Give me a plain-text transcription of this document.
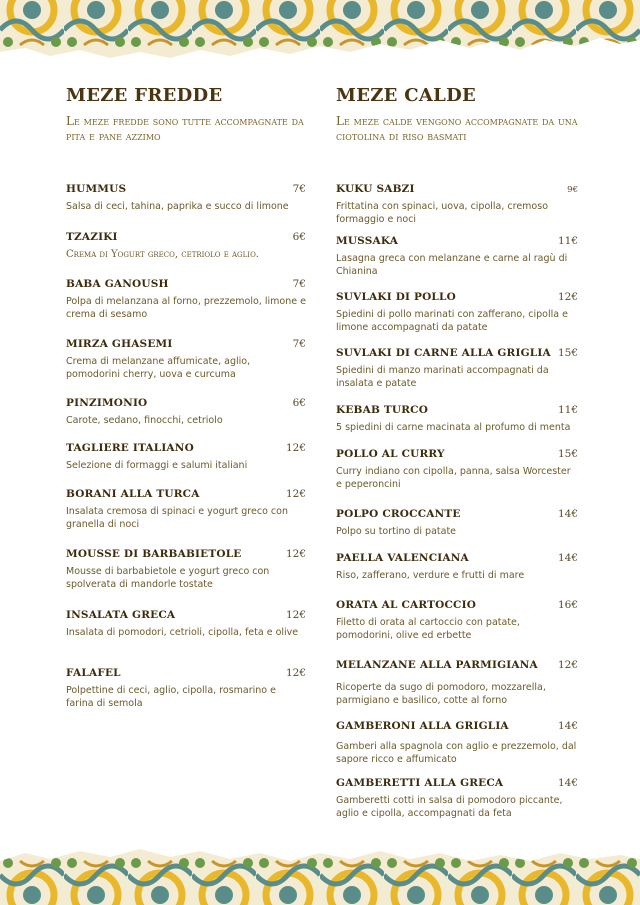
MEZE FREDDE
Le meze fredde sono tutte accompagnate da pita e pane azzimo
HUMMUS	7€
Salsa di ceci, tahina, paprika e succo di limone
TZAZIKI	6€
Crema di Yogurt greco, cetriolo e aglio.
BABA GANOUSH	7€
Polpa di melanzana al forno, prezzemolo, limone e crema di sesamo
MIRZA GHASEMI	7€
Crema di melanzane affumicate, aglio, pomodorini cherry, uova e curcuma
PINZIMONIO	6€
Carote, sedano, finocchi, cetriolo
TAGLIERE ITALIANO	12€
Selezione di formaggi e salumi italiani
BORANI ALLA TURCA	12€
Insalata cremosa di spinaci e yogurt greco con granella di noci
MOUSSE DI BARBABIETOLE	12€
Mousse di barbabietole e yogurt greco con spolverata di mandorle tostate
INSALATA GRECA	12€
Insalata di pomodori, cetrioli, cipolla, feta e olive
FALAFEL	12€
Polpettine di ceci, aglio, cipolla, rosmarino e farina di semola
MEZE CALDE
Le meze calde vengono accompagnate da una ciotolina di riso basmati
KUKU SABZI	9€
Frittatina con spinaci, uova, cipolla, cremoso formaggio e noci
MUSSAKA	11€
Lasagna greca con melanzane e carne al ragù di Chianina
SUVLAKI DI POLLO	12€
Spiedini di pollo marinati con zafferano, cipolla e limone accompagnati da patate
SUVLAKI DI CARNE ALLA GRIGLIA 15€
Spiedini di manzo marinati accompagnati da insalata e patate
KEBAB TURCO	11€
5 spiedini di carne macinata al profumo di menta
POLLO AL CURRY	15€
Curry indiano con cipolla, panna, salsa Worcester e peperoncini
POLPO CROCCANTE	14€
Polpo su tortino di patate
PAELLA VALENCIANA	14€
Riso, zafferano, verdure e frutti di mare
ORATA AL CARTOCCIO	16€
Filetto di orata al cartoccio con patate, pomodorini, olive ed erbette
MELANZANE ALLA PARMIGIANA 12€
Ricoperte da sugo di pomodoro, mozzarella, parmigiano e basilico, cotte al forno
GAMBERONI ALLA GRIGLIA	14€
Gamberi alla spagnola con aglio e prezzemolo, dal sapore ricco e affumicato
GAMBERETTI ALLA GRECA	14€
Gamberetti cotti in salsa di pomodoro piccante, aglio e cipolla, accompagnati da feta
